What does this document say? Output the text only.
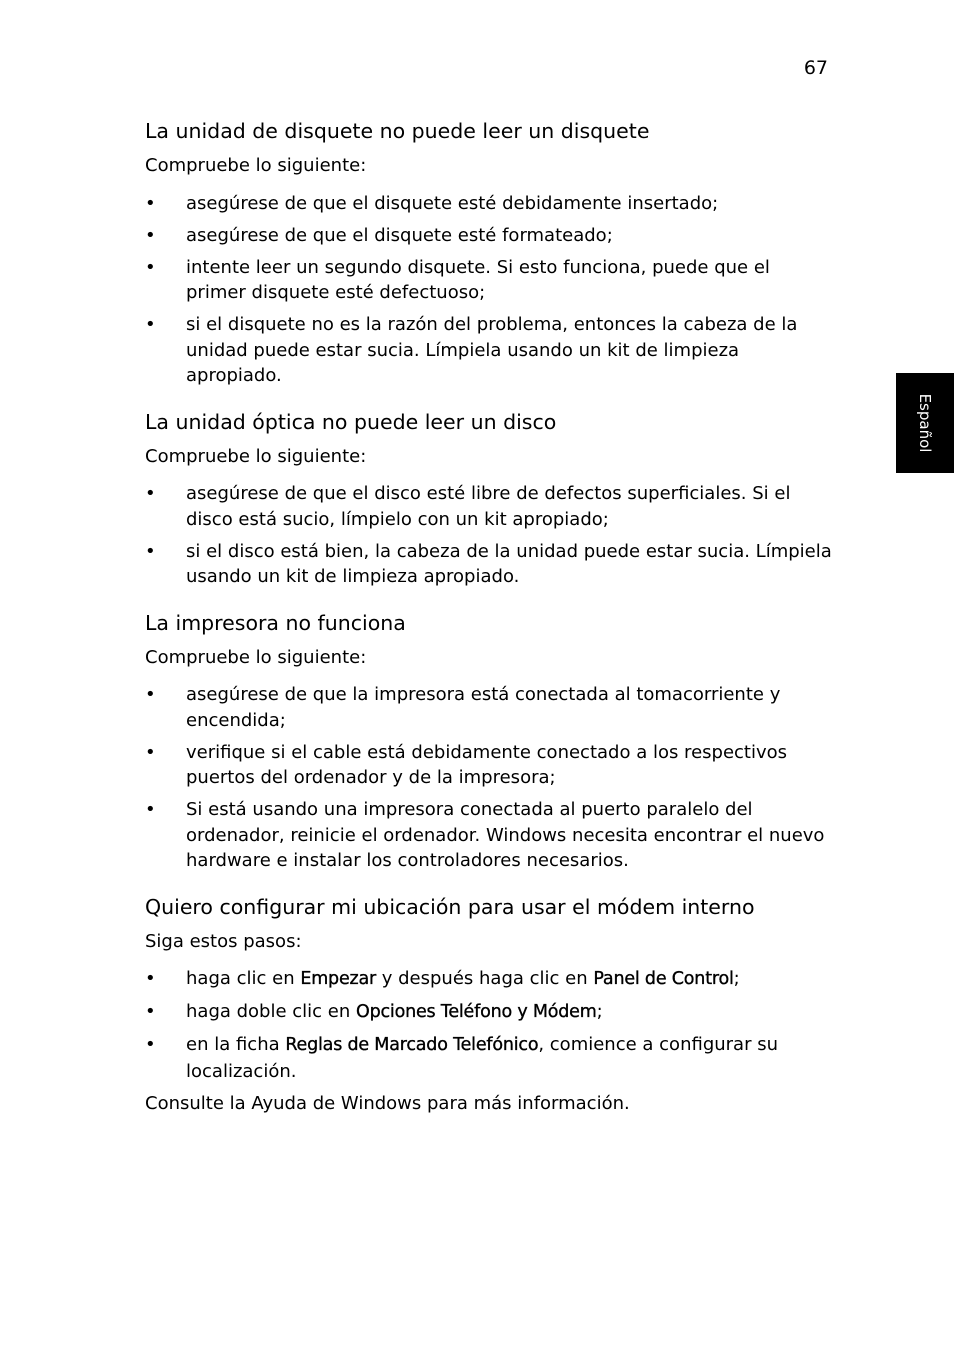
67
Español
La unidad de disquete no puede leer un disquete

Compruebe lo siguiente:

• asegúrese de que el disquete esté debidamente insertado;
• asegúrese de que el disquete esté formateado;
• intente leer un segundo disquete. Si esto funciona, puede que el primer disquete esté defectuoso;
• si el disquete no es la razón del problema, entonces la cabeza de la unidad puede estar sucia. Límpiela usando un kit de limpieza apropiado.
La unidad óptica no puede leer un disco

Compruebe lo siguiente:

• asegúrese de que el disco esté libre de defectos superficiales. Si el disco está sucio, límpielo con un kit apropiado;
• si el disco está bien, la cabeza de la unidad puede estar sucia. Límpiela usando un kit de limpieza apropiado.
La impresora no funciona

Compruebe lo siguiente:

• asegúrese de que la impresora está conectada al tomacorriente y encendida;
• verifique si el cable está debidamente conectado a los respectivos puertos del ordenador y de la impresora;
• Si está usando una impresora conectada al puerto paralelo del ordenador, reinicie el ordenador. Windows necesita encontrar el nuevo hardware e instalar los controladores necesarios.
Quiero configurar mi ubicación para usar el módem interno

Siga estos pasos:

• haga clic en Empezar y después haga clic en Panel de Control;
• haga doble clic en Opciones Teléfono y Módem;
• en la ficha Reglas de Marcado Telefónico, comience a configurar su localización.

Consulte la Ayuda de Windows para más información.
